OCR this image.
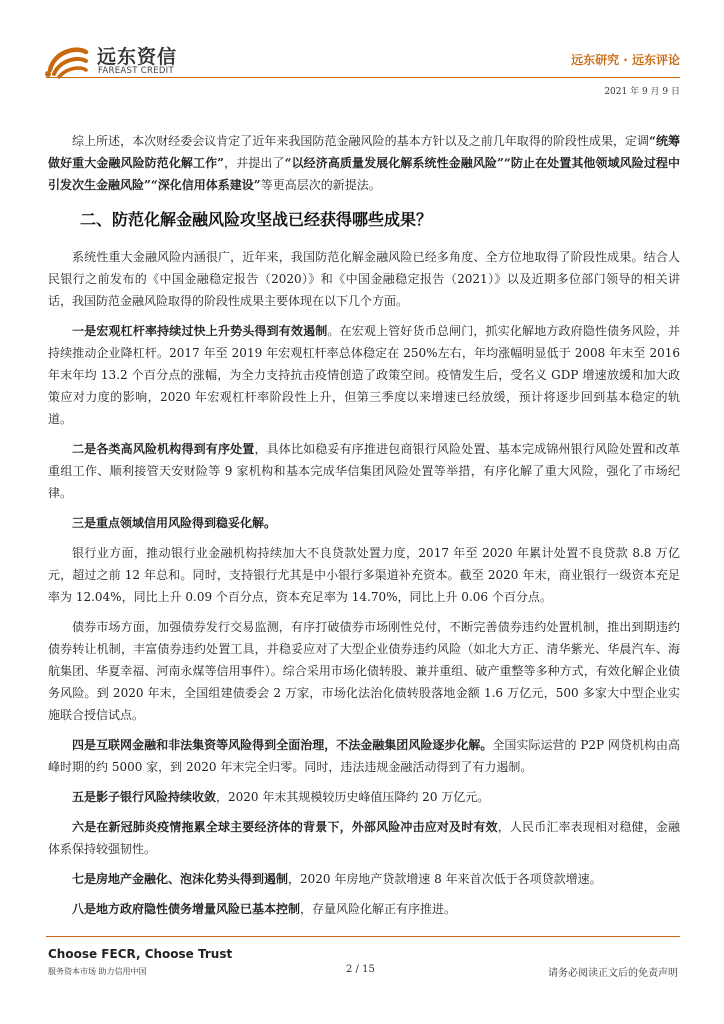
远东资信
FAREAST CREDIT
远东研究 · 远东评论
2021 年 9 月 9 日

综上所述，本次财经委会议肯定了近年来我国防范金融风险的基本方针以及之前几年取得的阶段性成果，定调“统筹做好重大金融风险防范化解工作”，并提出了“以经济高质量发展化解系统性金融风险”“防止在处置其他领域风险过程中引发次生金融风险”“深化信用体系建设”等更高层次的新提法。

二、防范化解金融风险攻坚战已经获得哪些成果？

系统性重大金融风险内涵很广，近年来，我国防范化解金融风险已经多角度、全方位地取得了阶段性成果。结合人民银行之前发布的《中国金融稳定报告（2020）》和《中国金融稳定报告（2021）》以及近期多位部门领导的相关讲话，我国防范金融风险取得的阶段性成果主要体现在以下几个方面。

一是宏观杠杆率持续过快上升势头得到有效遏制。在宏观上管好货币总闸门，抓实化解地方政府隐性债务风险，并持续推动企业降杠杆。2017 年至 2019 年宏观杠杆率总体稳定在 250%左右，年均涨幅明显低于 2008 年末至 2016 年末年均 13.2 个百分点的涨幅，为全力支持抗击疫情创造了政策空间。疫情发生后，受名义 GDP 增速放缓和加大政策应对力度的影响，2020 年宏观杠杆率阶段性上升，但第三季度以来增速已经放缓，预计将逐步回到基本稳定的轨道。

二是各类高风险机构得到有序处置，具体比如稳妥有序推进包商银行风险处置、基本完成锦州银行风险处置和改革重组工作、顺利接管天安财险等 9 家机构和基本完成华信集团风险处置等举措，有序化解了重大风险，强化了市场纪律。

三是重点领域信用风险得到稳妥化解。

银行业方面，推动银行业金融机构持续加大不良贷款处置力度，2017 年至 2020 年累计处置不良贷款 8.8 万亿元，超过之前 12 年总和。同时，支持银行尤其是中小银行多渠道补充资本。截至 2020 年末，商业银行一级资本充足率为 12.04%，同比上升 0.09 个百分点，资本充足率为 14.70%，同比上升 0.06 个百分点。

债券市场方面，加强债券发行交易监测，有序打破债券市场刚性兑付，不断完善债券违约处置机制，推出到期违约债券转让机制，丰富债券违约处置工具，并稳妥应对了大型企业债券违约风险（如北大方正、清华紫光、华晨汽车、海航集团、华夏幸福、河南永煤等信用事件）。综合采用市场化债转股、兼并重组、破产重整等多种方式，有效化解企业债务风险。到 2020 年末，全国组建债委会 2 万家，市场化法治化债转股落地金额 1.6 万亿元，500 多家大中型企业实施联合授信试点。

四是互联网金融和非法集资等风险得到全面治理，不法金融集团风险逐步化解。全国实际运营的 P2P 网贷机构由高峰时期的约 5000 家，到 2020 年末完全归零。同时，违法违规金融活动得到了有力遏制。

五是影子银行风险持续收敛，2020 年末其规模较历史峰值压降约 20 万亿元。

六是在新冠肺炎疫情拖累全球主要经济体的背景下，外部风险冲击应对及时有效，人民币汇率表现相对稳健，金融体系保持较强韧性。

七是房地产金融化、泡沫化势头得到遏制，2020 年房地产贷款增速 8 年来首次低于各项贷款增速。

八是地方政府隐性债务增量风险已基本控制，存量风险化解正有序推进。

Choose FECR, Choose Trust
服务资本市场 助力信用中国	2 / 15	请务必阅读正文后的免责声明
